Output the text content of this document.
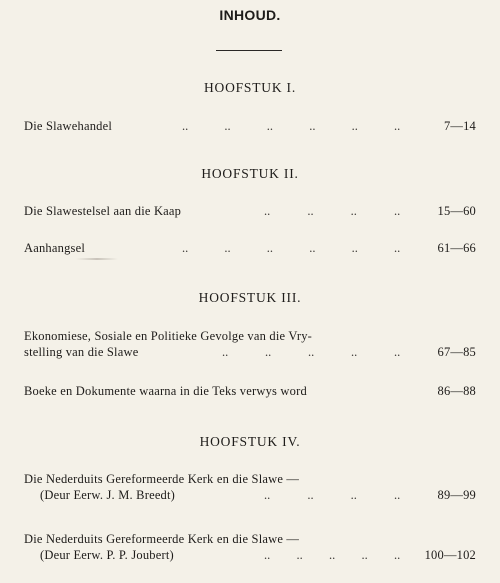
INHOUD.
HOOFSTUK I.
Die Slawehandel	..	..	..	..	..	..	7—14
HOOFSTUK II.
Die Slawestelsel aan die Kaap	..	..	..	..	15—60
Aanhangsel	..	..	..	..	..	..	61—66
HOOFSTUK III.
Ekonomiese, Sosiale en Politieke Gevolge van die Vry-
stelling van die Slawe	..	..	..	..	..	67—85
Boeke en Dokumente waarna in die Teks verwys word	86—88
HOOFSTUK IV.
Die Nederduits Gereformeerde Kerk en die Slawe —
(Deur Eerw. J. M. Breedt)	..	..	..	..	89—99
Die Nederduits Gereformeerde Kerk en die Slawe —
(Deur Eerw. P. P. Joubert)	.. .. .. .. .. 100—102
